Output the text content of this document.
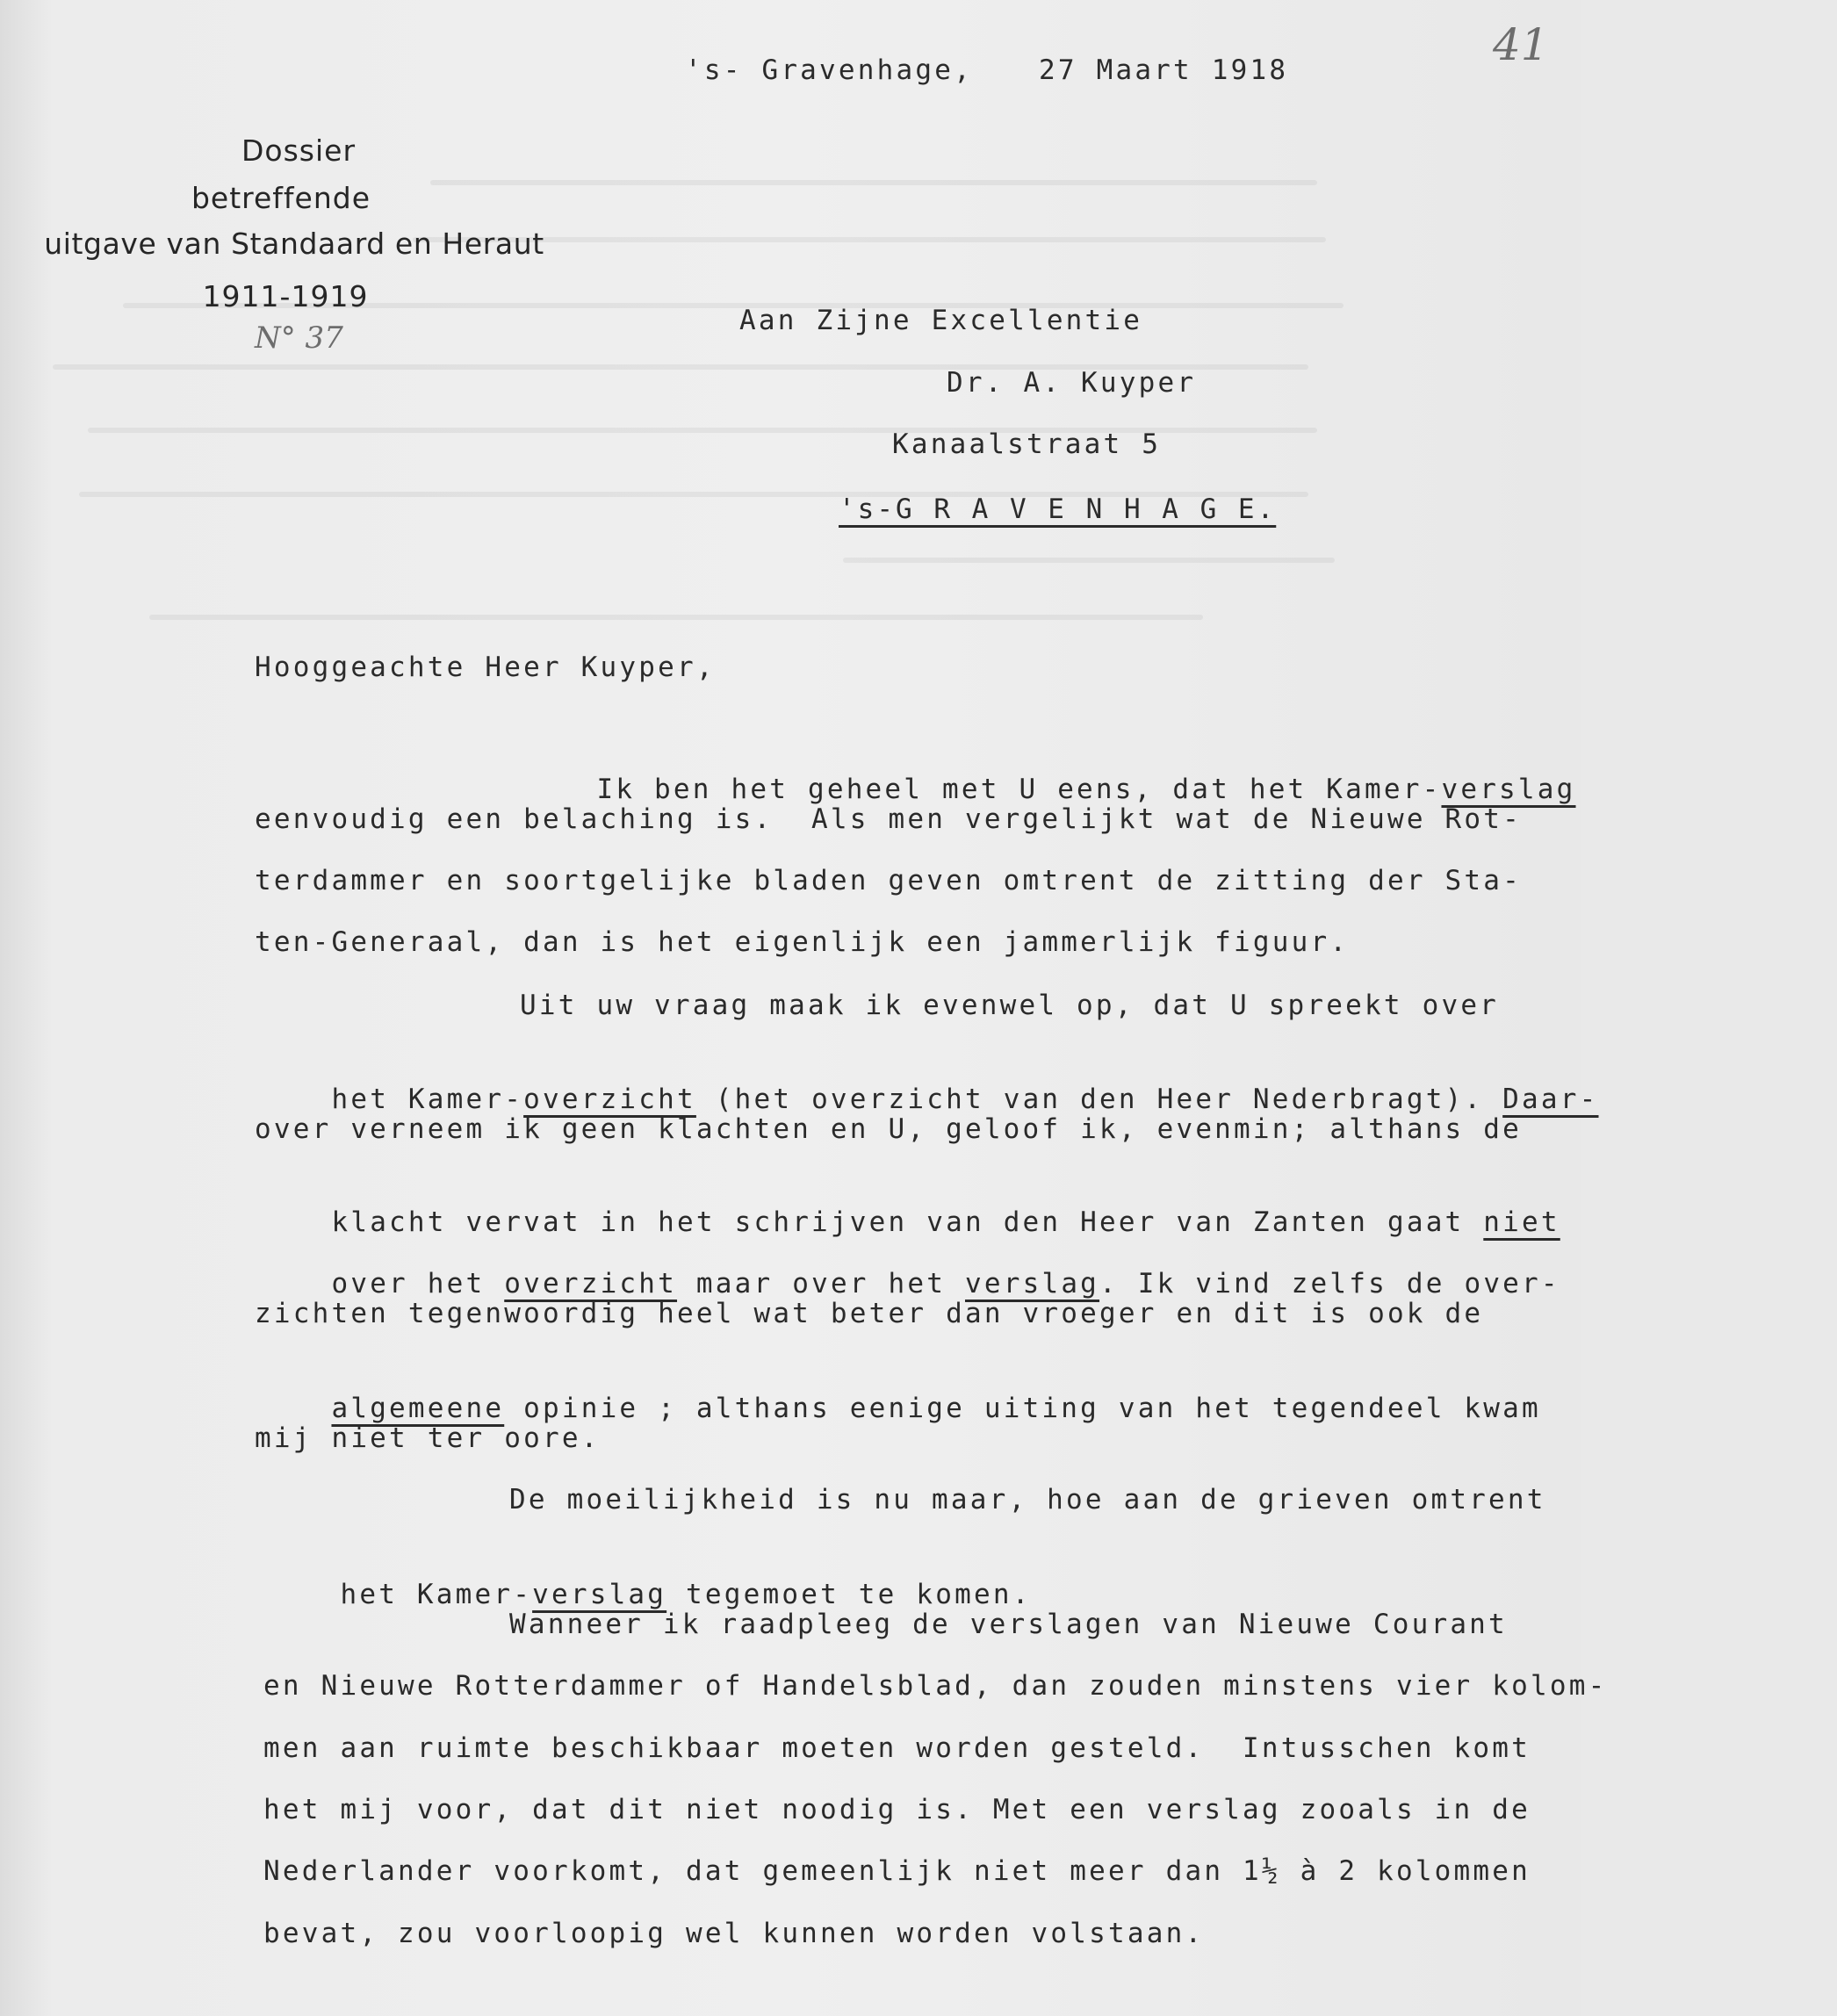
41
's- Gravenhage, 27 Maart 1918
Dossier
betreffende
uitgave van Standaard en Heraut
1911-1919
N° 37	Aan Zijne Excellentie
Dr. A. Kuyper
Kanaalstraat 5
's-G R A V E N H A G E.
Hooggeachte Heer Kuyper,

Ik ben het geheel met U eens, dat het Kamer-verslag

eenvoudig een belaching is.  Als men vergelijkt wat de Nieuwe Rot-
terdammer en soortgelijke bladen geven omtrent de zitting der Sta-
ten-Generaal, dan is het eigenlijk een jammerlijk figuur.
Uit uw vraag maak ik evenwel op, dat U spreekt over

het Kamer-overzicht (het overzicht van den Heer Nederbragt). Daar-

over verneem ik geen klachten en U, geloof ik, evenmin; althans de

klacht vervat in het schrijven van den Heer van Zanten gaat niet

over het overzicht maar over het verslag. Ik vind zelfs de over-

zichten tegenwoordig heel wat beter dan vroeger en dit is ook de

algemeene opinie ; althans eenige uiting van het tegendeel kwam

mij niet ter oore.
De moeilijkheid is nu maar, hoe aan de grieven omtrent

het Kamer-verslag tegemoet te komen.

Wanneer ik raadpleeg de verslagen van Nieuwe Courant
en Nieuwe Rotterdammer of Handelsblad, dan zouden minstens vier kolom-
men aan ruimte beschikbaar moeten worden gesteld.  Intusschen komt
het mij voor, dat dit niet noodig is. Met een verslag zooals in de
Nederlander voorkomt, dat gemeenlijk niet meer dan 1½ à 2 kolommen
bevat, zou voorloopig wel kunnen worden volstaan.
